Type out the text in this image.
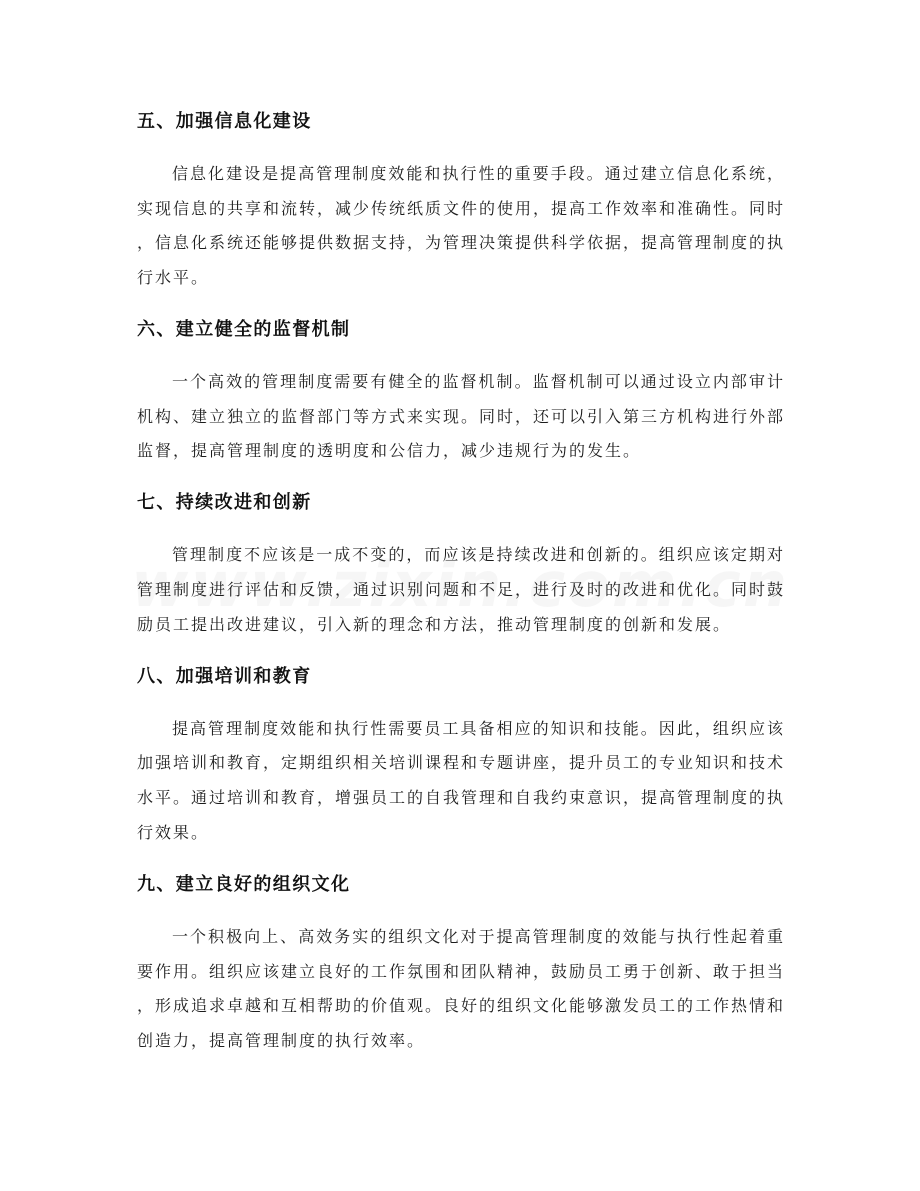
五、加强信息化建设
信息化建设是提高管理制度效能和执行性的重要手段。通过建立信息化系统，
实现信息的共享和流转，减少传统纸质文件的使用，提高工作效率和准确性。同时
，信息化系统还能够提供数据支持，为管理决策提供科学依据，提高管理制度的执
行水平。
六、建立健全的监督机制
一个高效的管理制度需要有健全的监督机制。监督机制可以通过设立内部审计
机构、建立独立的监督部门等方式来实现。同时，还可以引入第三方机构进行外部
监督，提高管理制度的透明度和公信力，减少违规行为的发生。
七、持续改进和创新
管理制度不应该是一成不变的，而应该是持续改进和创新的。组织应该定期对
管理制度进行评估和反馈，通过识别问题和不足，进行及时的改进和优化。同时鼓
励员工提出改进建议，引入新的理念和方法，推动管理制度的创新和发展。
八、加强培训和教育
提高管理制度效能和执行性需要员工具备相应的知识和技能。因此，组织应该
加强培训和教育，定期组织相关培训课程和专题讲座，提升员工的专业知识和技术
水平。通过培训和教育，增强员工的自我管理和自我约束意识，提高管理制度的执
行效果。
九、建立良好的组织文化
一个积极向上、高效务实的组织文化对于提高管理制度的效能与执行性起着重
要作用。组织应该建立良好的工作氛围和团队精神，鼓励员工勇于创新、敢于担当
，形成追求卓越和互相帮助的价值观。良好的组织文化能够激发员工的工作热情和
创造力，提高管理制度的执行效率。
